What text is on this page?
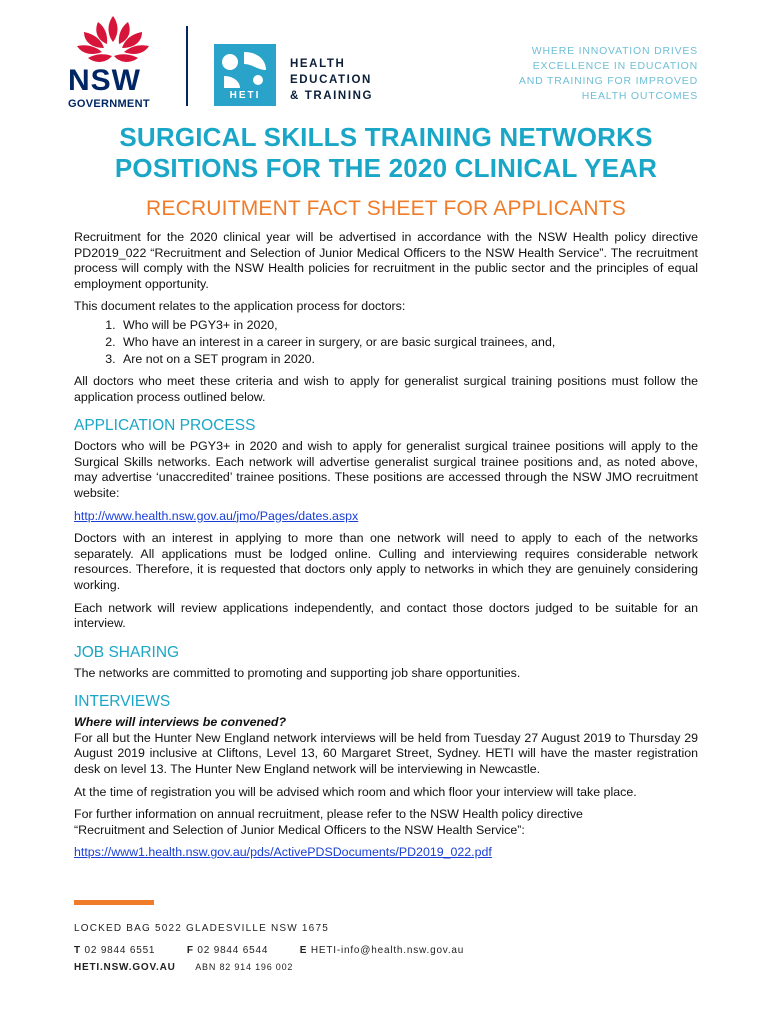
NSW
GOVERNMENT
HETI
HEALTH
EDUCATION
& TRAINING
WHERE INNOVATION DRIVES
EXCELLENCE IN EDUCATION
AND TRAINING FOR IMPROVED
HEALTH OUTCOMES
SURGICAL SKILLS TRAINING NETWORKS
POSITIONS FOR THE 2020 CLINICAL YEAR
RECRUITMENT FACT SHEET FOR APPLICANTS

Recruitment for the 2020 clinical year will be advertised in accordance with the NSW Health policy directive PD2019_022 “Recruitment and Selection of Junior Medical Officers to the NSW Health Service”. The recruitment process will comply with the NSW Health policies for recruitment in the public sector and the principles of equal employment opportunity.

This document relates to the application process for doctors:

1. Who will be PGY3+ in 2020,
2. Who have an interest in a career in surgery, or are basic surgical trainees, and,
3. Are not on a SET program in 2020.

All doctors who meet these criteria and wish to apply for generalist surgical training positions must follow the application process outlined below.

APPLICATION PROCESS

Doctors who will be PGY3+ in 2020 and wish to apply for generalist surgical trainee positions will apply to the Surgical Skills networks. Each network will advertise generalist surgical trainee positions and, as noted above, may advertise ‘unaccredited’ trainee positions. These positions are accessed through the NSW JMO recruitment website:

http://www.health.nsw.gov.au/jmo/Pages/dates.aspx

Doctors with an interest in applying to more than one network will need to apply to each of the networks separately. All applications must be lodged online. Culling and interviewing requires considerable network resources. Therefore, it is requested that doctors only apply to networks in which they are genuinely considering working.

Each network will review applications independently, and contact those doctors judged to be suitable for an interview.

JOB SHARING

The networks are committed to promoting and supporting job share opportunities.

INTERVIEWS

Where will interviews be convened?
For all but the Hunter New England network interviews will be held from Tuesday 27 August 2019 to Thursday 29 August 2019 inclusive at Cliftons, Level 13, 60 Margaret Street, Sydney. HETI will have the master registration desk on level 13. The Hunter New England network will be interviewing in Newcastle.

At the time of registration you will be advised which room and which floor your interview will take place.

For further information on annual recruitment, please refer to the NSW Health policy directive
“Recruitment and Selection of Junior Medical Officers to the NSW Health Service”:

https://www1.health.nsw.gov.au/pds/ActivePDSDocuments/PD2019_022.pdf

LOCKED BAG 5022 GLADESVILLE NSW 1675
T 02 9844 6551	F 02 9844 6544	E HETI-info@health.nsw.gov.au
HETI.NSW.GOV.AU ABN 82 914 196 002
